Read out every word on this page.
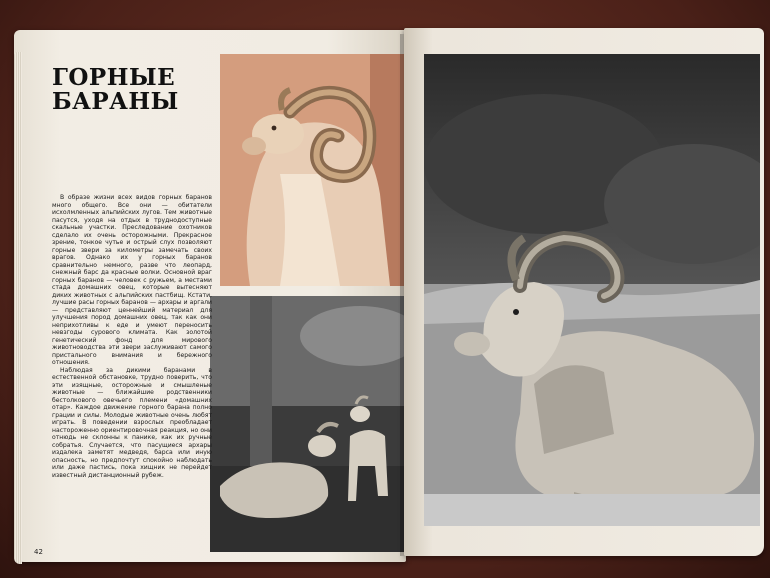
ГОРНЫЕ
БАРАНЫ

В образе жизни всех видов горных баранов много общего. Все они — обитатели исхолмленных альпийских лугов. Тем животные пасутся, уходя на отдых в труднодоступные скальные участки. Преследование охотников сделало их очень осторожными. Прекрасное зрение, тонкое чутье и острый слух позволяют горные звери за километры замечать своих врагов. Однако их у горных баранов сравнительно немного, разве что леопард, снежный барс да красные волки. Основной враг горных баранов — человек с ружьем, а местами стада домашних овец, которые вытесняют диких животных с альпийских пастбищ. Кстати, лучшие расы горных баранов — архары и аргали — представляют ценнейший материал для улучшения пород домашних овец, так как они неприхотливы к еде и умеют переносить невзгоды сурового климата. Как золотой генетический фонд для мирового животноводства эти звери заслуживают самого пристального внимания и бережного отношения.

Наблюдая за дикими баранами в естественной обстановке, трудно поверить, что эти изящные, осторожные и смышленые животные — ближайшие родственники бестолкового овечьего племени «домашних отар». Каждое движение горного барана полно грации и силы. Молодые животные очень любят играть. В поведении взрослых преобладает настороженно ориентировочная реакция, но они отнюдь не склонны к панике, как их ручные собратья. Случается, что пасущиеся архары издалека заметят медведя, барса или иную опасность, но предпочтут спокойно наблюдать или даже пастись, пока хищник не перейдет известный дистанционный рубеж.

42
